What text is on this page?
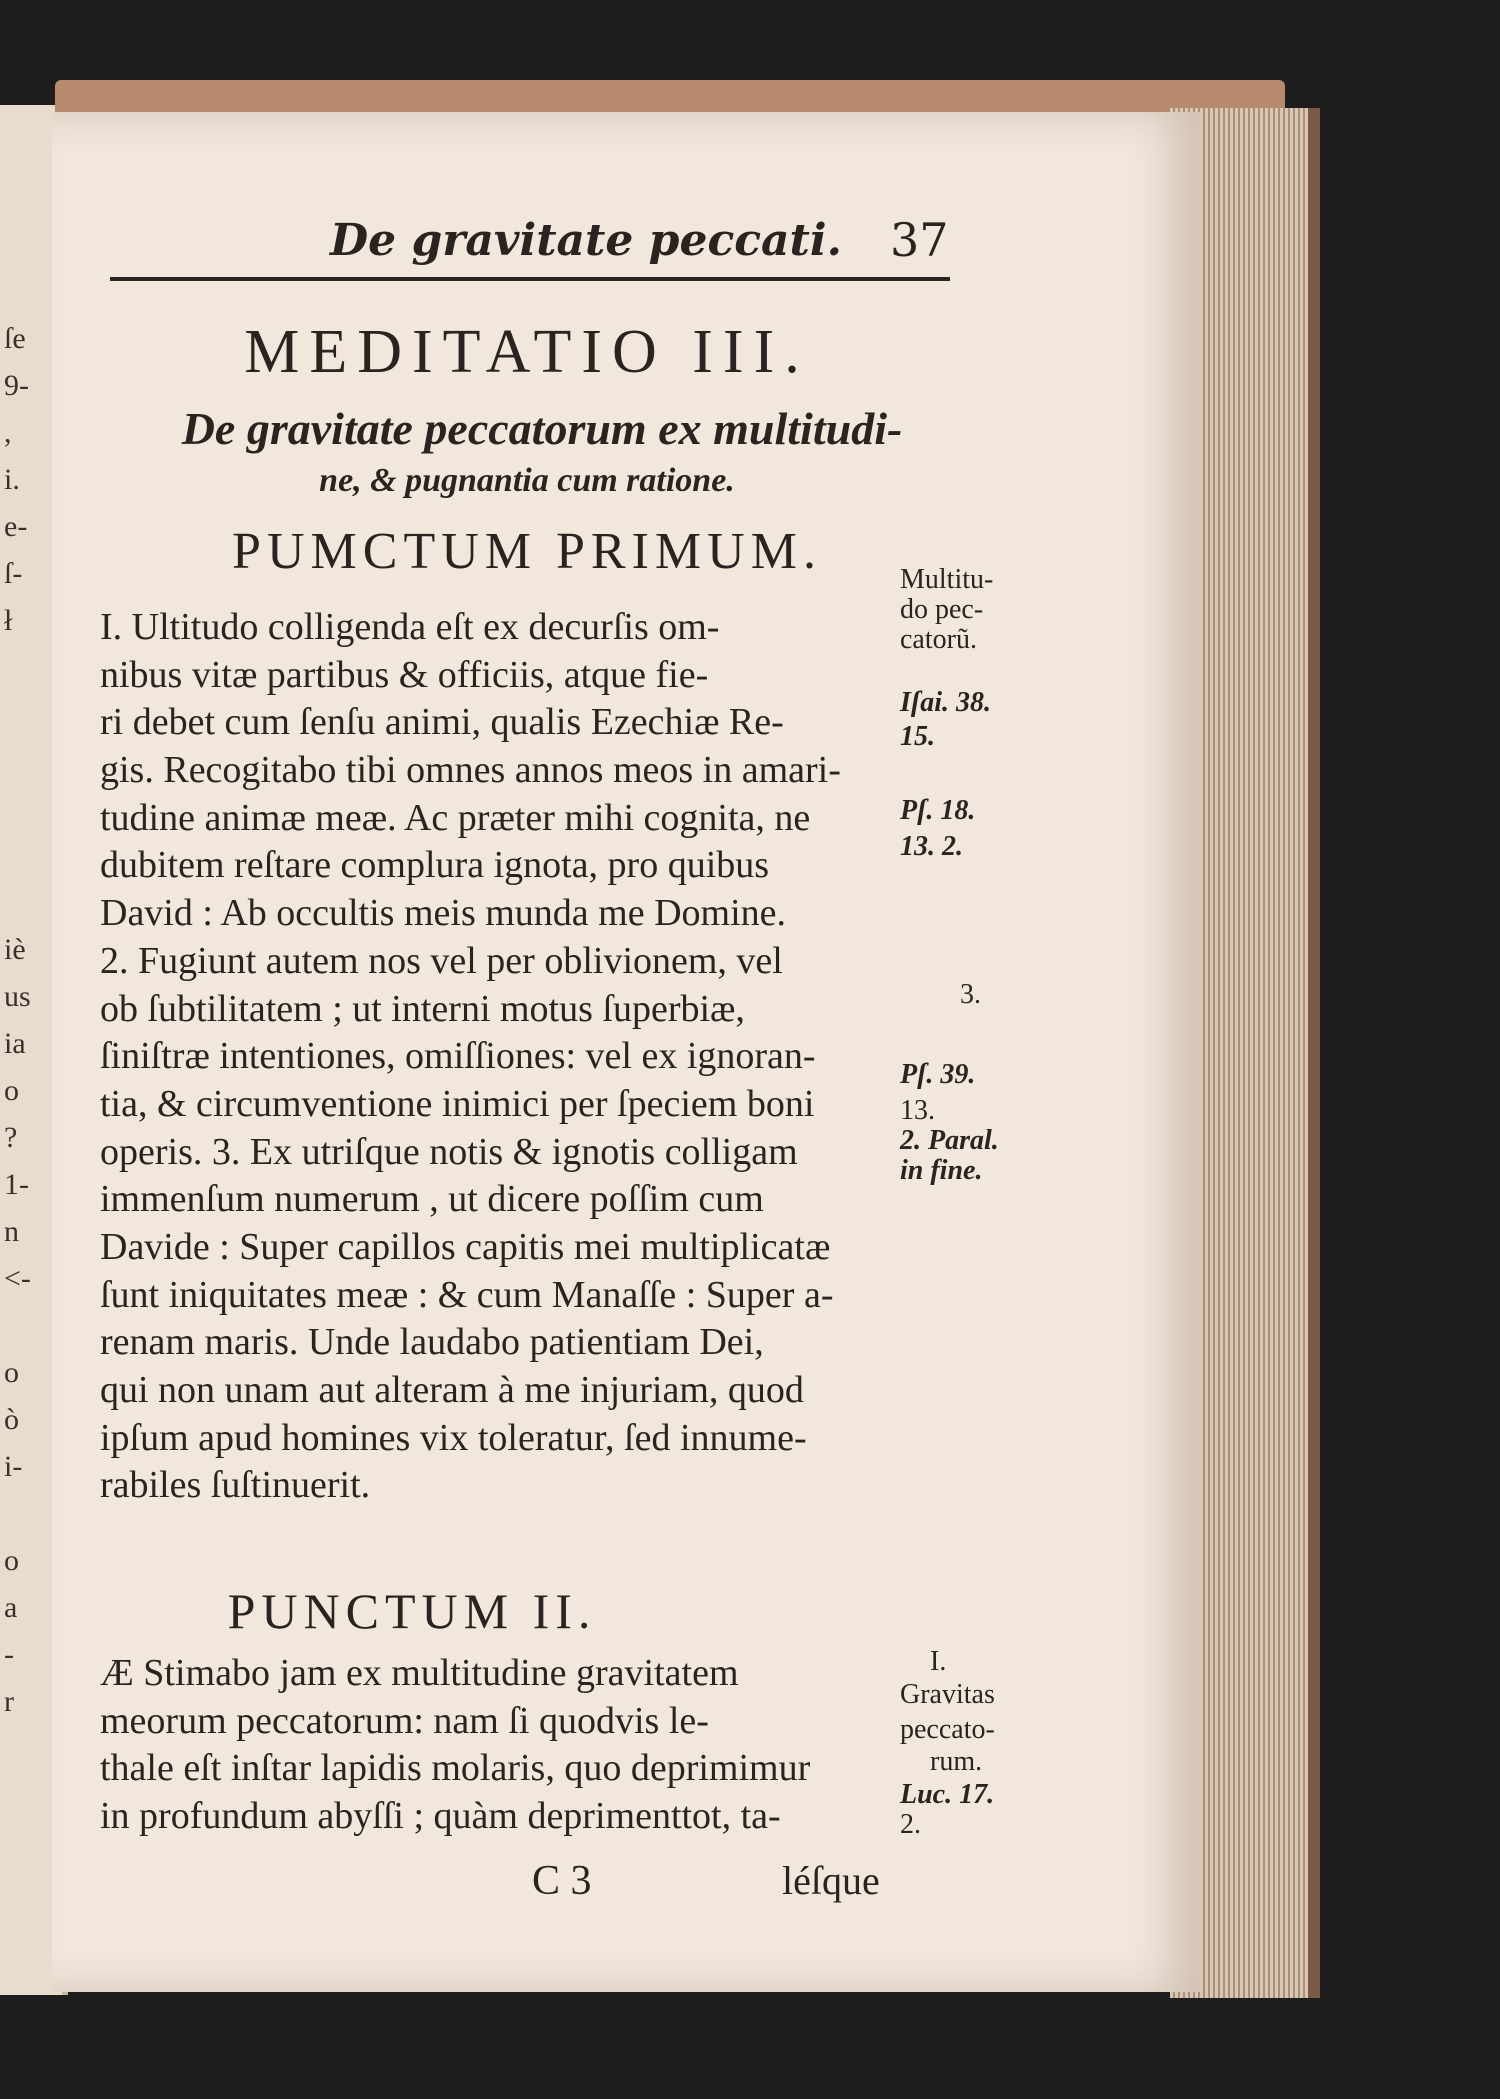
ſe
9-
,
i.
e-
ſ-
ł
iè
us
ia
o
?
1-
n
<-
o
ò
i-
o
a
-
r
De gravitate peccati. 37
MEDITATIO III.
De gravitate peccatorum ex multitudi-
ne, & pugnantia cum ratione.
PUMCTUM PRIMUM.
I. Ultitudo colligenda eſt ex decurſis om-
nibus vitæ partibus & officiis, atque fie-
ri debet cum ſenſu animi, qualis Ezechiæ Re-
gis. Recogitabo tibi omnes annos meos in amari-
tudine animæ meæ. Ac præter mihi cognita, ne
dubitem reſtare complura ignota, pro quibus
David : Ab occultis meis munda me Domine.
2. Fugiunt autem nos vel per oblivionem, vel
ob ſubtilitatem ; ut interni motus ſuperbiæ,
ſiniſtræ intentiones, omiſſiones: vel ex ignoran-
tia, & circumventione inimici per ſpeciem boni
operis. 3. Ex utriſque notis & ignotis colligam
immenſum numerum , ut dicere poſſim cum
Davide : Super capillos capitis mei multiplicatæ
ſunt iniquitates meæ : & cum Manaſſe : Super a-
renam maris. Unde laudabo patientiam Dei,
qui non unam aut alteram à me injuriam, quod
ipſum apud homines vix toleratur, ſed innume-
rabiles ſuſtinuerit.
PUNCTUM II.
Æ Stimabo jam ex multitudine gravitatem
meorum peccatorum: nam ſi quodvis le-
thale eſt inſtar lapidis molaris, quo deprimimur
in profundum abyſſi ; quàm deprimenttot, ta-
Multitu-
do pec-
catorũ.
Iſai. 38.
15.
Pſ. 18.
13. 2.
3.
Pſ. 39.
13.
2. Paral.
in fine.
I.
Gravitas
peccato-
rum.
Luc. 17.
2.
C 3	léſque
